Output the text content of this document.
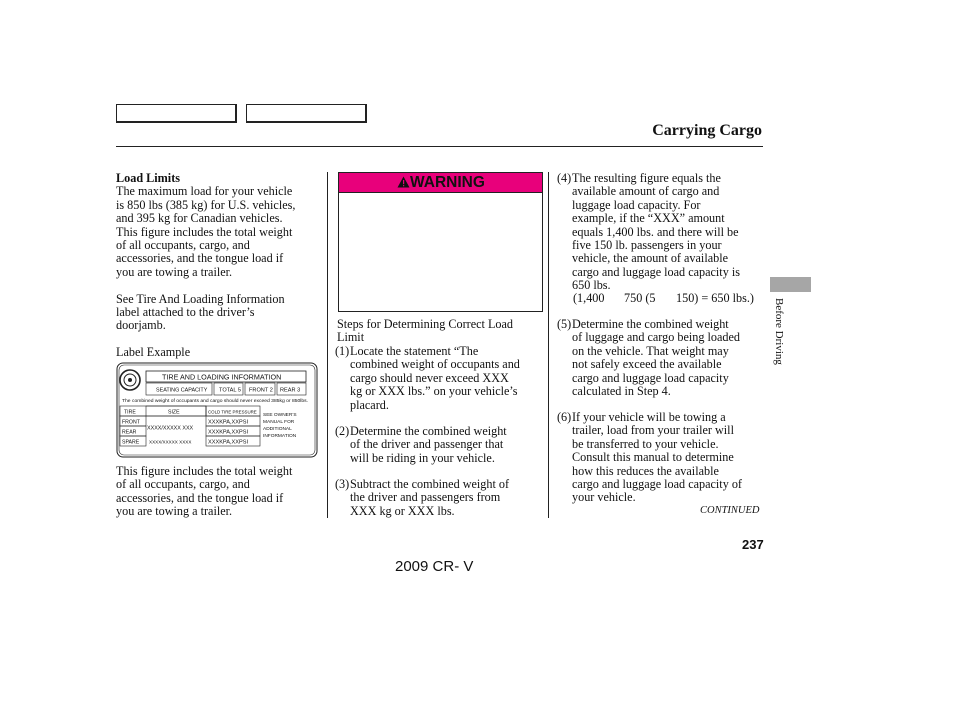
Carrying Cargo

Load Limits

The maximum load for your vehicle
is 850 lbs (385 kg) for U.S. vehicles,
and 395 kg for Canadian vehicles.
This figure includes the total weight
of all occupants, cargo, and
accessories, and the tongue load if
you are towing a trailer.
See Tire And Loading Information
label attached to the driver’s
doorjamb.

Label Example

TIRE AND LOADING INFORMATION
SEATING CAPACITY TOTAL 5 FRONT 2 REAR 3
The combined weight of occupants and cargo should never exceed 385kg or 850lbs.
TIRE	SIZE	COLD TIRE PRESSURE
FRONT
REAR
SPARE
XXXX/XXXXX XXX
XXXX/XXXXX XXXX
XXXKPA,XXPSI
XXXKPA,XXPSI
XXXKPA,XXPSI
SEE OWNER’S
MANUAL FOR
ADDITIONAL
INFORMATION
This figure includes the total weight
of all occupants, cargo, and
accessories, and the tongue load if
you are towing a trailer.
WARNING
Steps for Determining Correct Load
Limit
(1) Locate the statement “The
combined weight of occupants and
cargo should never exceed XXX
kg or XXX lbs.” on your vehicle’s
placard.
(2) Determine the combined weight
of the driver and passenger that
will be riding in your vehicle.
(3) Subtract the combined weight of
the driver and passengers from
XXX kg or XXX lbs.
(4) The resulting figure equals the
available amount of cargo and
luggage load capacity. For
example, if the “XXX” amount
equals 1,400 lbs. and there will be
five 150 lb. passengers in your
vehicle, the amount of available
cargo and luggage load capacity is
650 lbs.
(5) Determine the combined weight
of luggage and cargo being loaded
on the vehicle. That weight may
not safely exceed the available
cargo and luggage load capacity
calculated in Step 4.
(6) If your vehicle will be towing a
trailer, load from your trailer will
be transferred to your vehicle.
Consult this manual to determine
how this reduces the available
cargo and luggage load capacity of
your vehicle.
(1,400 750 (5 150) = 650 lbs.)
CONTINUED
Before Driving
237
2009 CR- V
